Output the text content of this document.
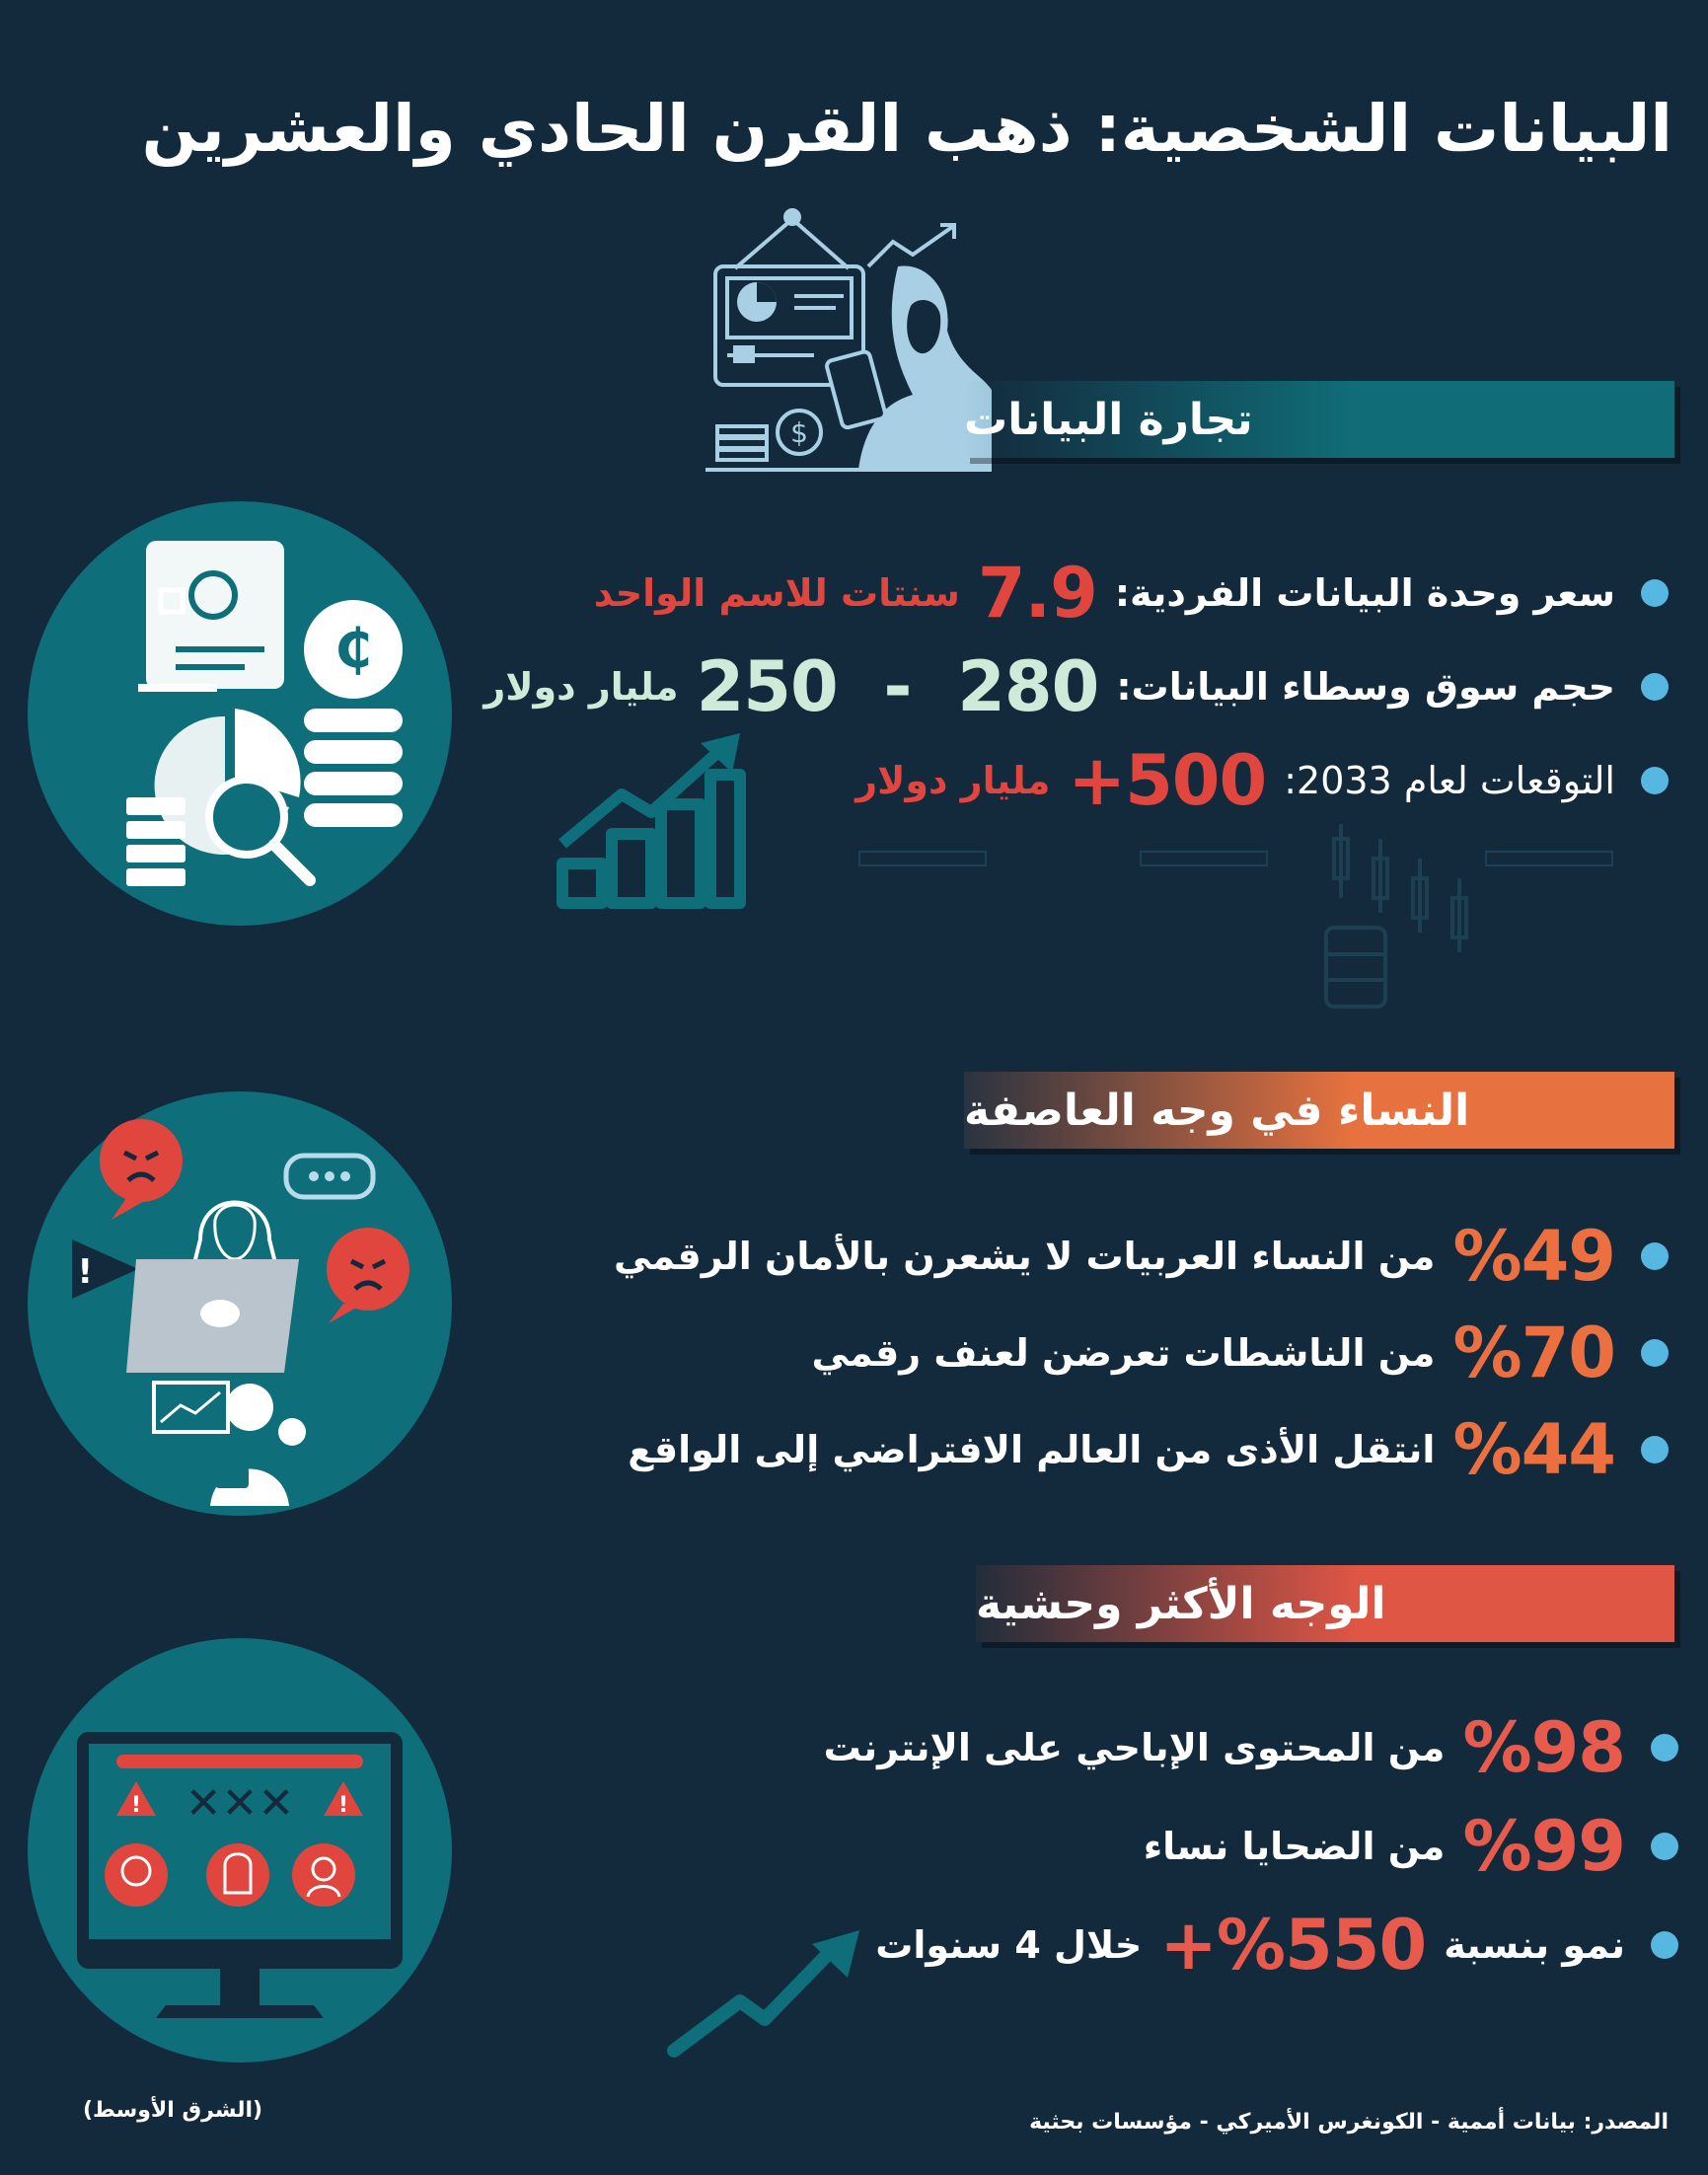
البيانات الشخصية: ذهب القرن الحادي والعشرين
$	تجارة البيانات
₵
سعر وحدة البيانات الفردية:
7.9
سنتات للاسم الواحد
حجم سوق وسطاء البيانات:
250  -  280
مليار دولار
التوقعات لعام 2033:
+500
مليار دولار
النساء في وجه العاصفة
!	%49
من النساء العربيات لا يشعرن بالأمان الرقمي
%70
من الناشطات تعرضن لعنف رقمي
%44
انتقل الأذى من العالم الافتراضي إلى الواقع
الوجه الأكثر وحشية
!	!
✕✕✕
%98
من المحتوى الإباحي على الإنترنت
%99
من الضحايا نساء
نمو بنسبة
+%550
خلال 4 سنوات
المصدر: بيانات أممية - الكونغرس الأميركي - مؤسسات بحثية
(الشرق الأوسط)
